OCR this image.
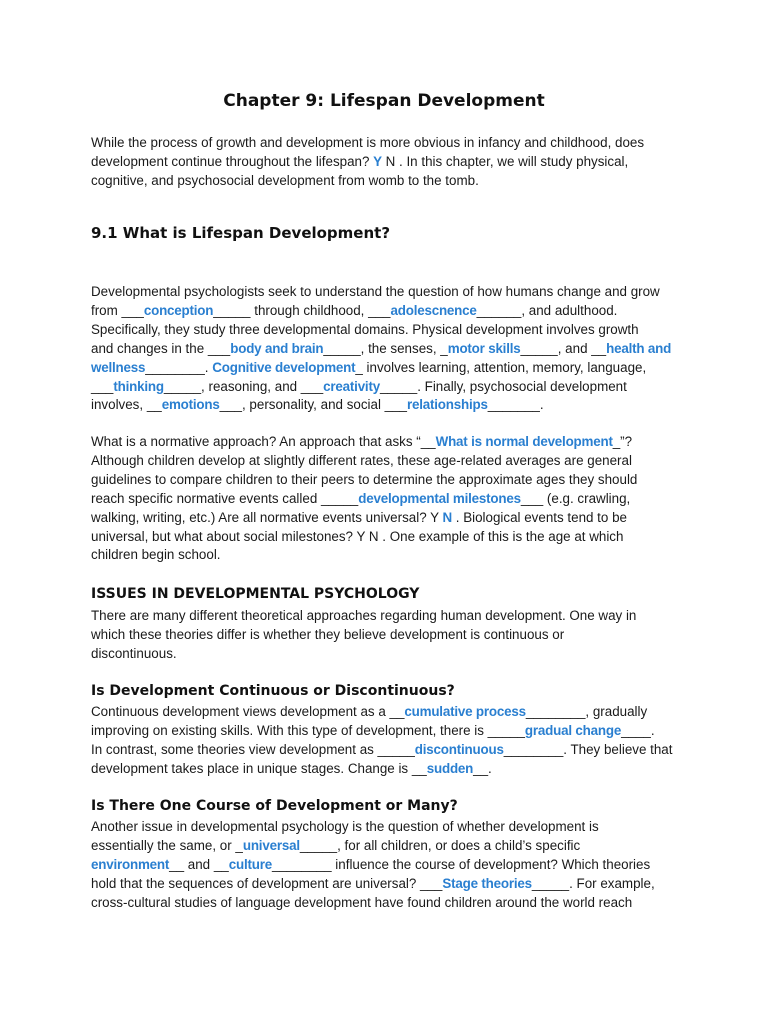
Chapter 9: Lifespan Development
While the process of growth and development is more obvious in infancy and childhood, does
development continue throughout the lifespan? Y N . In this chapter, we will study physical,
cognitive, and psychosocial development from womb to the tomb.
9.1 What is Lifespan Development?
Developmental psychologists seek to understand the question of how humans change and grow
from ___conception_____ through childhood, ___adolescnence______, and adulthood.
Specifically, they study three developmental domains. Physical development involves growth
and changes in the ___body and brain_____, the senses, _motor skills_____, and __health and
wellness________. Cognitive development_ involves learning, attention, memory, language,
___thinking_____, reasoning, and ___creativity_____. Finally, psychosocial development
involves, __emotions___, personality, and social ___relationships_______.
What is a normative approach? An approach that asks “__What is normal development_”?
Although children develop at slightly different rates, these age-related averages are general
guidelines to compare children to their peers to determine the approximate ages they should
reach specific normative events called _____developmental milestones___ (e.g. crawling,
walking, writing, etc.) Are all normative events universal? Y N . Biological events tend to be
universal, but what about social milestones? Y N . One example of this is the age at which
children begin school.
ISSUES IN DEVELOPMENTAL PSYCHOLOGY
There are many different theoretical approaches regarding human development. One way in
which these theories differ is whether they believe development is continuous or
discontinuous.
Is Development Continuous or Discontinuous?
Continuous development views development as a __cumulative process________, gradually
improving on existing skills. With this type of development, there is _____gradual change____.
In contrast, some theories view development as _____discontinuous________. They believe that
development takes place in unique stages. Change is __sudden__.
Is There One Course of Development or Many?
Another issue in developmental psychology is the question of whether development is
essentially the same, or _universal_____, for all children, or does a child’s specific
environment__ and __culture________ influence the course of development? Which theories
hold that the sequences of development are universal? ___Stage theories_____. For example,
cross-cultural studies of language development have found children around the world reach
